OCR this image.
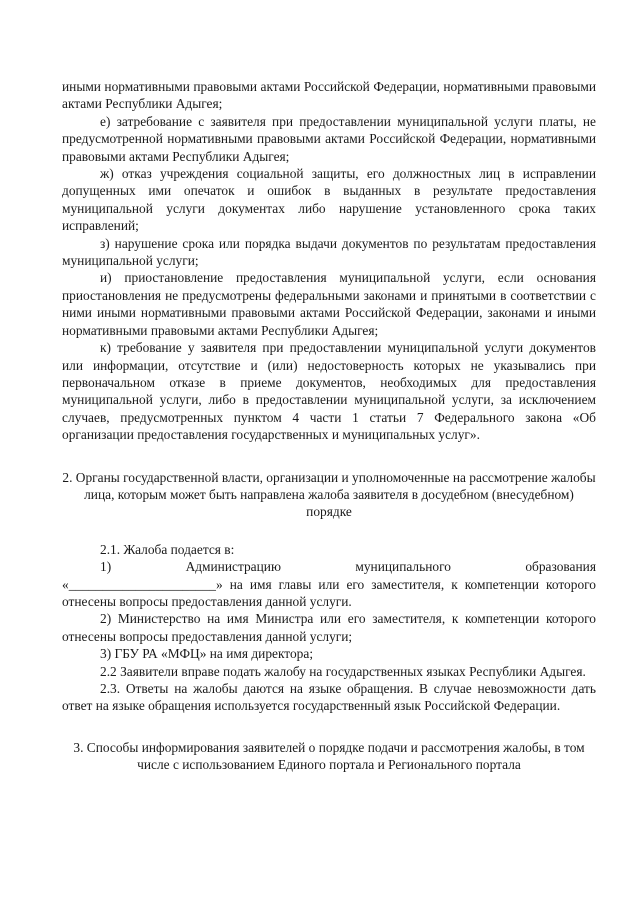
иными нормативными правовыми актами Российской Федерации, нормативными правовыми актами Республики Адыгея;

е) затребование с заявителя при предоставлении муниципальной услуги платы, не предусмотренной нормативными правовыми актами Российской Федерации, нормативными правовыми актами Республики Адыгея;

ж) отказ учреждения социальной защиты, его должностных лиц в исправлении допущенных ими опечаток и ошибок в выданных в результате предоставления муниципальной услуги документах либо нарушение установленного срока таких исправлений;

з) нарушение срока или порядка выдачи документов по результатам предоставления муниципальной услуги;

и) приостановление предоставления муниципальной услуги, если основания приостановления не предусмотрены федеральными законами и принятыми в соответствии с ними иными нормативными правовыми актами Российской Федерации, законами и иными нормативными правовыми актами Республики Адыгея;

к) требование у заявителя при предоставлении муниципальной услуги документов или информации, отсутствие и (или) недостоверность которых не указывались при первоначальном отказе в приеме документов, необходимых для предоставления муниципальной услуги, либо в предоставлении муниципальной услуги, за исключением случаев, предусмотренных пунктом 4 части 1 статьи 7 Федерального закона «Об организации предоставления государственных и муниципальных услуг».

2. Органы государственной власти, организации и уполномоченные на рассмотрение жалобы лица, которым может быть направлена жалоба заявителя в досудебном (внесудебном) порядке

2.1. Жалоба подается в:

1)	Администрацию	муниципального	образования

«______________________» на имя главы или его заместителя, к компетенции которого отнесены вопросы предоставления данной услуги.

2) Министерство на имя Министра или его заместителя, к компетенции которого отнесены вопросы предоставления данной услуги;

3) ГБУ РА «МФЦ» на имя директора;

2.2 Заявители вправе подать жалобу на государственных языках Республики Адыгея.

2.3. Ответы на жалобы даются на языке обращения. В случае невозможности дать ответ на языке обращения используется государственный язык Российской Федерации.

3. Способы информирования заявителей о порядке подачи и рассмотрения жалобы, в том числе с использованием Единого портала и Регионального портала
